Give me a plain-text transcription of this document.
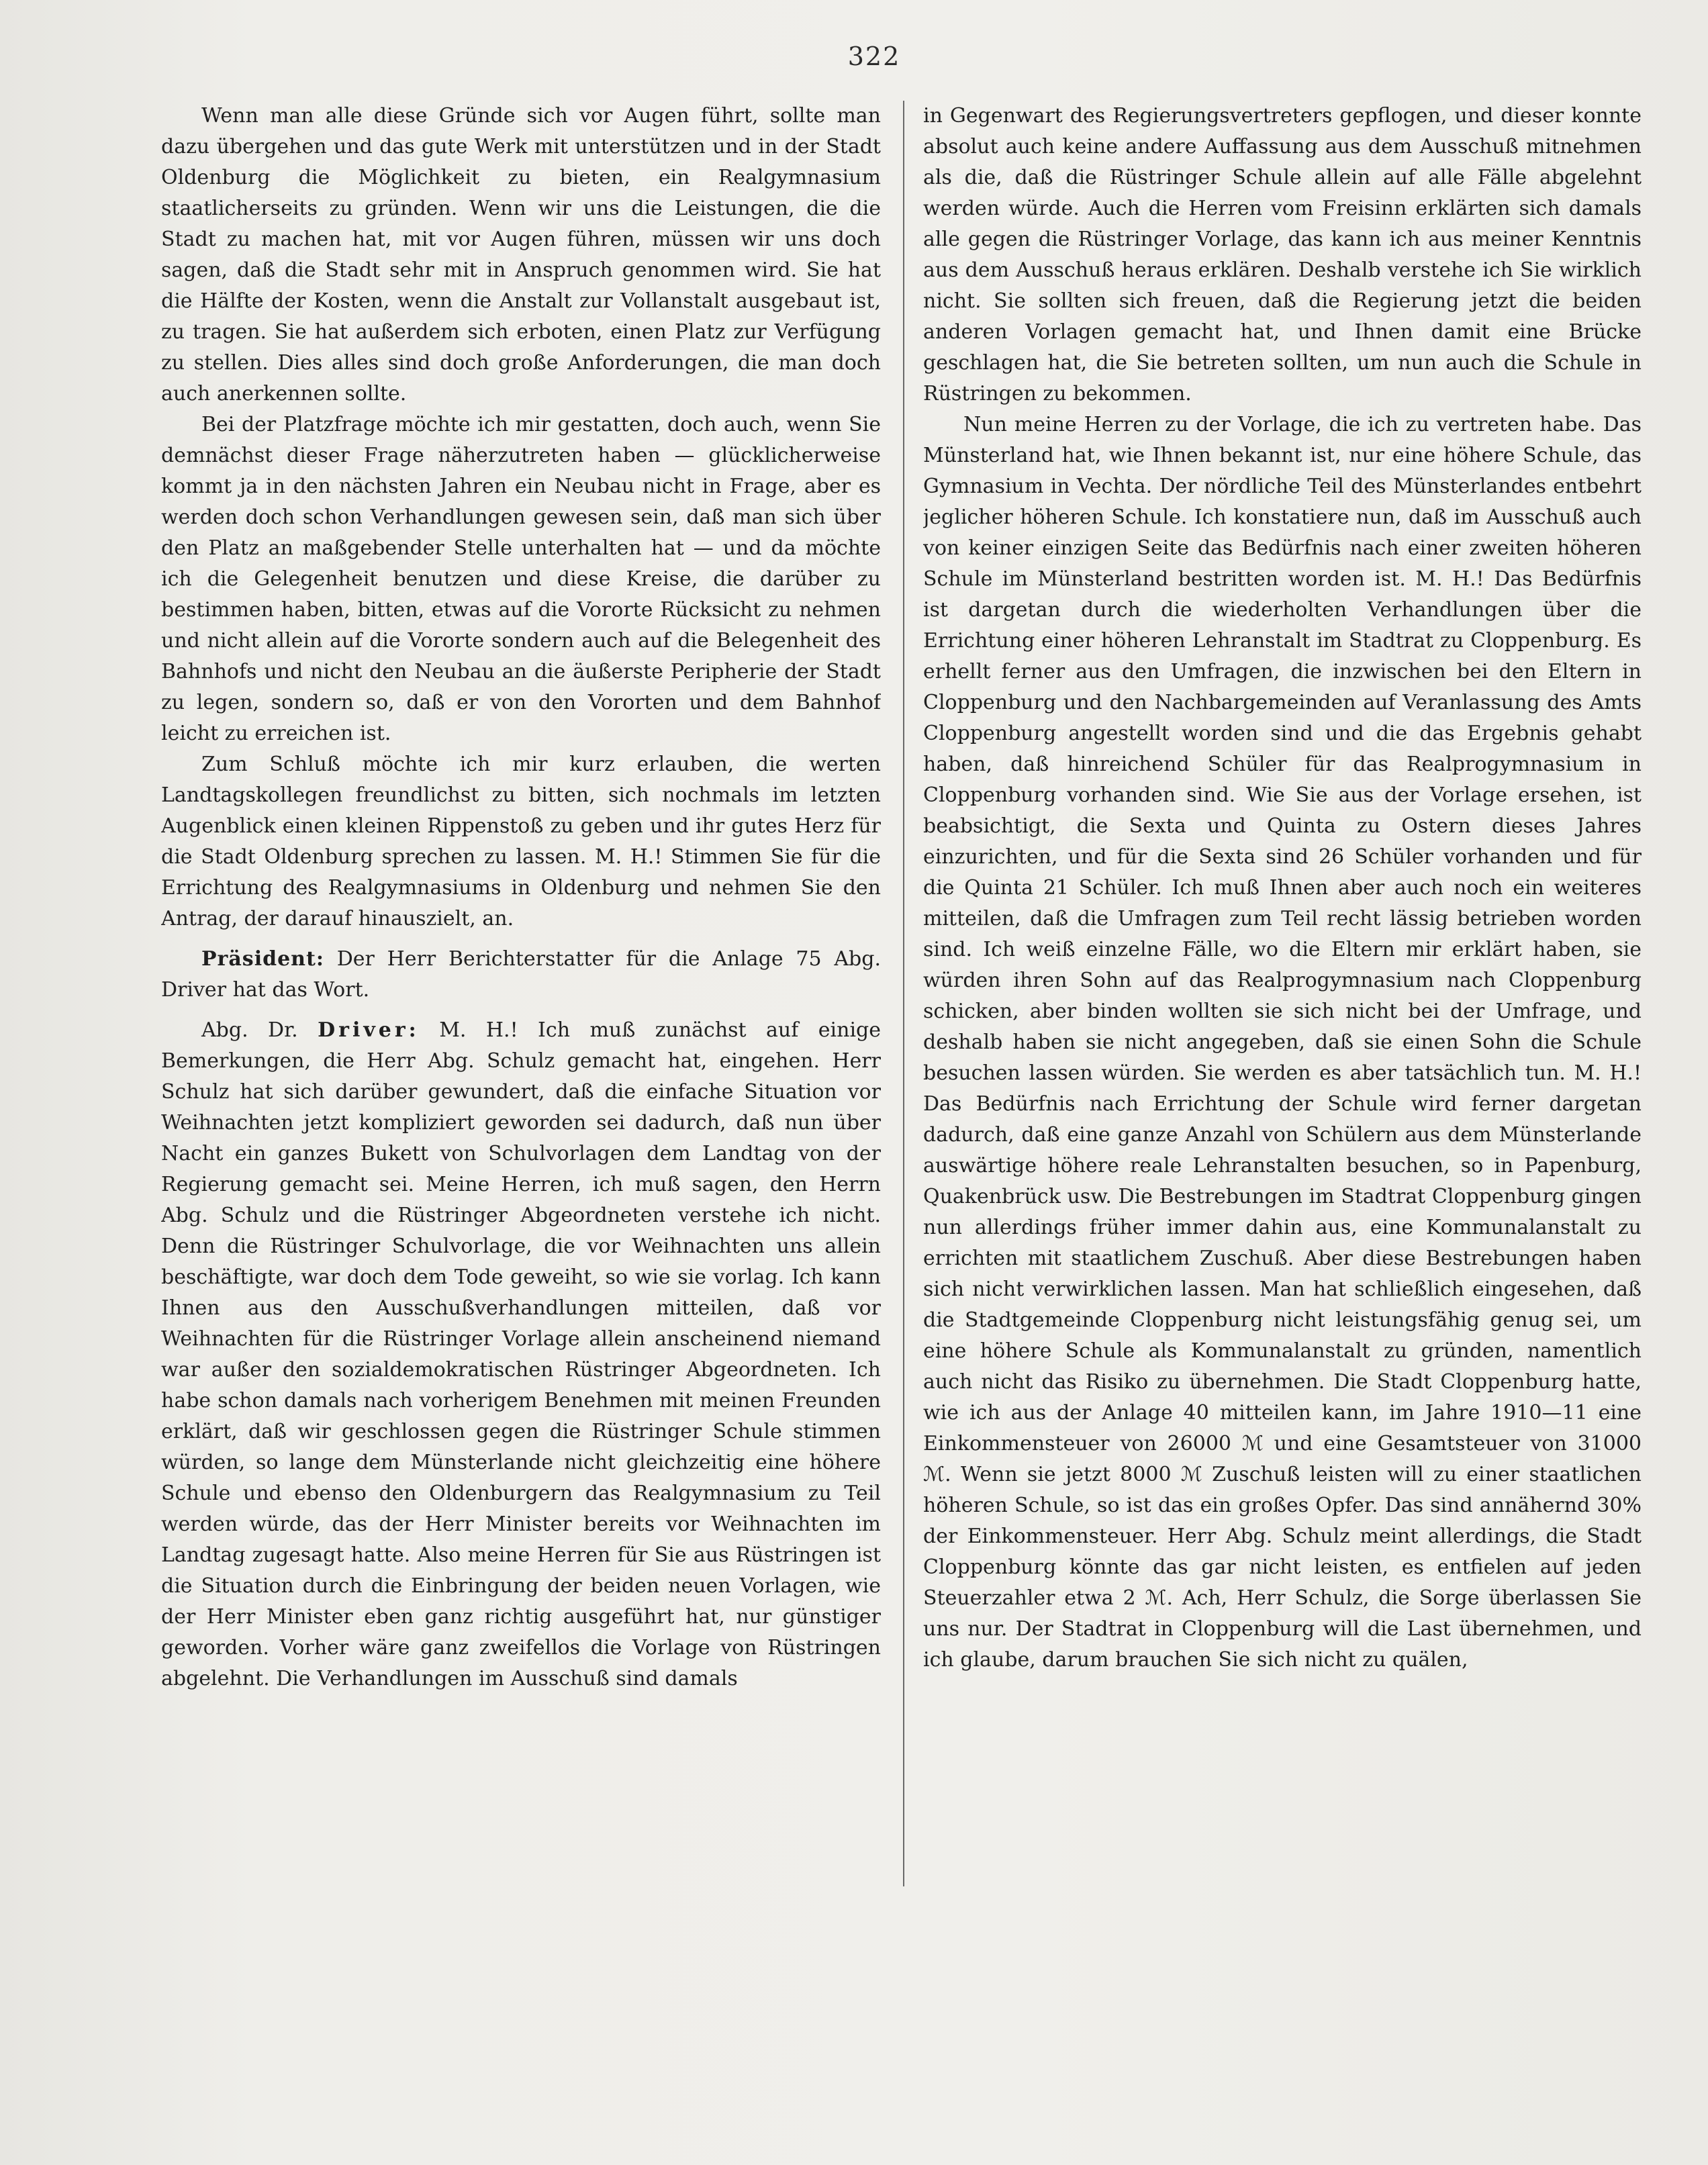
322

Wenn man alle diese Gründe sich vor Augen führt, sollte man dazu übergehen und das gute Werk mit unterstützen und in der Stadt Oldenburg die Möglichkeit zu bieten, ein Realgymnasium staatlicherseits zu gründen. Wenn wir uns die Leistungen, die die Stadt zu machen hat, mit vor Augen führen, müssen wir uns doch sagen, daß die Stadt sehr mit in Anspruch genommen wird. Sie hat die Hälfte der Kosten, wenn die Anstalt zur Vollanstalt ausgebaut ist, zu tragen. Sie hat außerdem sich erboten, einen Platz zur Verfügung zu stellen. Dies alles sind doch große Anforderungen, die man doch auch anerkennen sollte.

Bei der Platzfrage möchte ich mir gestatten, doch auch, wenn Sie demnächst dieser Frage näherzutreten haben — glücklicherweise kommt ja in den nächsten Jahren ein Neubau nicht in Frage, aber es werden doch schon Verhandlungen gewesen sein, daß man sich über den Platz an maßgebender Stelle unterhalten hat — und da möchte ich die Gelegenheit benutzen und diese Kreise, die darüber zu bestimmen haben, bitten, etwas auf die Vororte Rücksicht zu nehmen und nicht allein auf die Vororte sondern auch auf die Belegenheit des Bahnhofs und nicht den Neubau an die äußerste Peripherie der Stadt zu legen, sondern so, daß er von den Vororten und dem Bahnhof leicht zu erreichen ist.

Zum Schluß möchte ich mir kurz erlauben, die werten Landtagskollegen freundlichst zu bitten, sich nochmals im letzten Augenblick einen kleinen Rippenstoß zu geben und ihr gutes Herz für die Stadt Oldenburg sprechen zu lassen. M. H.! Stimmen Sie für die Errichtung des Realgymnasiums in Oldenburg und nehmen Sie den Antrag, der darauf hinauszielt, an.

Präsident: Der Herr Berichterstatter für die Anlage 75 Abg. Driver hat das Wort.

Abg. Dr. Driver: M. H.! Ich muß zunächst auf einige Bemerkungen, die Herr Abg. Schulz gemacht hat, eingehen. Herr Schulz hat sich darüber gewundert, daß die einfache Situation vor Weihnachten jetzt kompliziert geworden sei dadurch, daß nun über Nacht ein ganzes Bukett von Schulvorlagen dem Landtag von der Regierung gemacht sei. Meine Herren, ich muß sagen, den Herrn Abg. Schulz und die Rüstringer Abgeordneten verstehe ich nicht. Denn die Rüstringer Schulvorlage, die vor Weihnachten uns allein beschäftigte, war doch dem Tode geweiht, so wie sie vorlag. Ich kann Ihnen aus den Ausschußverhandlungen mitteilen, daß vor Weihnachten für die Rüstringer Vorlage allein anscheinend niemand war außer den sozialdemokratischen Rüstringer Abgeordneten. Ich habe schon damals nach vorherigem Benehmen mit meinen Freunden erklärt, daß wir geschlossen gegen die Rüstringer Schule stimmen würden, so lange dem Münsterlande nicht gleichzeitig eine höhere Schule und ebenso den Oldenburgern das Realgymnasium zu Teil werden würde, das der Herr Minister bereits vor Weihnachten im Landtag zugesagt hatte. Also meine Herren für Sie aus Rüstringen ist die Situation durch die Einbringung der beiden neuen Vorlagen, wie der Herr Minister eben ganz richtig ausgeführt hat, nur günstiger geworden. Vorher wäre ganz zweifellos die Vorlage von Rüstringen abgelehnt. Die Verhandlungen im Ausschuß sind damals

in Gegenwart des Regierungsvertreters gepflogen, und dieser konnte absolut auch keine andere Auffassung aus dem Ausschuß mitnehmen als die, daß die Rüstringer Schule allein auf alle Fälle abgelehnt werden würde. Auch die Herren vom Freisinn erklärten sich damals alle gegen die Rüstringer Vorlage, das kann ich aus meiner Kenntnis aus dem Ausschuß heraus erklären. Deshalb verstehe ich Sie wirklich nicht. Sie sollten sich freuen, daß die Regierung jetzt die beiden anderen Vorlagen gemacht hat, und Ihnen damit eine Brücke geschlagen hat, die Sie betreten sollten, um nun auch die Schule in Rüstringen zu bekommen.

Nun meine Herren zu der Vorlage, die ich zu vertreten habe. Das Münsterland hat, wie Ihnen bekannt ist, nur eine höhere Schule, das Gymnasium in Vechta. Der nördliche Teil des Münsterlandes entbehrt jeglicher höheren Schule. Ich konstatiere nun, daß im Ausschuß auch von keiner einzigen Seite das Bedürfnis nach einer zweiten höheren Schule im Münsterland bestritten worden ist. M. H.! Das Bedürfnis ist dargetan durch die wiederholten Verhandlungen über die Errichtung einer höheren Lehranstalt im Stadtrat zu Cloppenburg. Es erhellt ferner aus den Umfragen, die inzwischen bei den Eltern in Cloppenburg und den Nachbargemeinden auf Veranlassung des Amts Cloppenburg angestellt worden sind und die das Ergebnis gehabt haben, daß hinreichend Schüler für das Realprogymnasium in Cloppenburg vorhanden sind. Wie Sie aus der Vorlage ersehen, ist beabsichtigt, die Sexta und Quinta zu Ostern dieses Jahres einzurichten, und für die Sexta sind 26 Schüler vorhanden und für die Quinta 21 Schüler. Ich muß Ihnen aber auch noch ein weiteres mitteilen, daß die Umfragen zum Teil recht lässig betrieben worden sind. Ich weiß einzelne Fälle, wo die Eltern mir erklärt haben, sie würden ihren Sohn auf das Realprogymnasium nach Cloppenburg schicken, aber binden wollten sie sich nicht bei der Umfrage, und deshalb haben sie nicht angegeben, daß sie einen Sohn die Schule besuchen lassen würden. Sie werden es aber tatsächlich tun. M. H.! Das Bedürfnis nach Errichtung der Schule wird ferner dargetan dadurch, daß eine ganze Anzahl von Schülern aus dem Münsterlande auswärtige höhere reale Lehranstalten besuchen, so in Papenburg, Quakenbrück usw. Die Bestrebungen im Stadtrat Cloppenburg gingen nun allerdings früher immer dahin aus, eine Kommunalanstalt zu errichten mit staatlichem Zuschuß. Aber diese Bestrebungen haben sich nicht verwirklichen lassen. Man hat schließlich eingesehen, daß die Stadtgemeinde Cloppenburg nicht leistungsfähig genug sei, um eine höhere Schule als Kommunalanstalt zu gründen, namentlich auch nicht das Risiko zu übernehmen. Die Stadt Cloppenburg hatte, wie ich aus der Anlage 40 mitteilen kann, im Jahre 1910—11 eine Einkommensteuer von 26000 ℳ und eine Gesamtsteuer von 31000 ℳ. Wenn sie jetzt 8000 ℳ Zuschuß leisten will zu einer staatlichen höheren Schule, so ist das ein großes Opfer. Das sind annähernd 30% der Einkommensteuer. Herr Abg. Schulz meint allerdings, die Stadt Cloppenburg könnte das gar nicht leisten, es entfielen auf jeden Steuerzahler etwa 2 ℳ. Ach, Herr Schulz, die Sorge überlassen Sie uns nur. Der Stadtrat in Cloppenburg will die Last übernehmen, und ich glaube, darum brauchen Sie sich nicht zu quälen,
